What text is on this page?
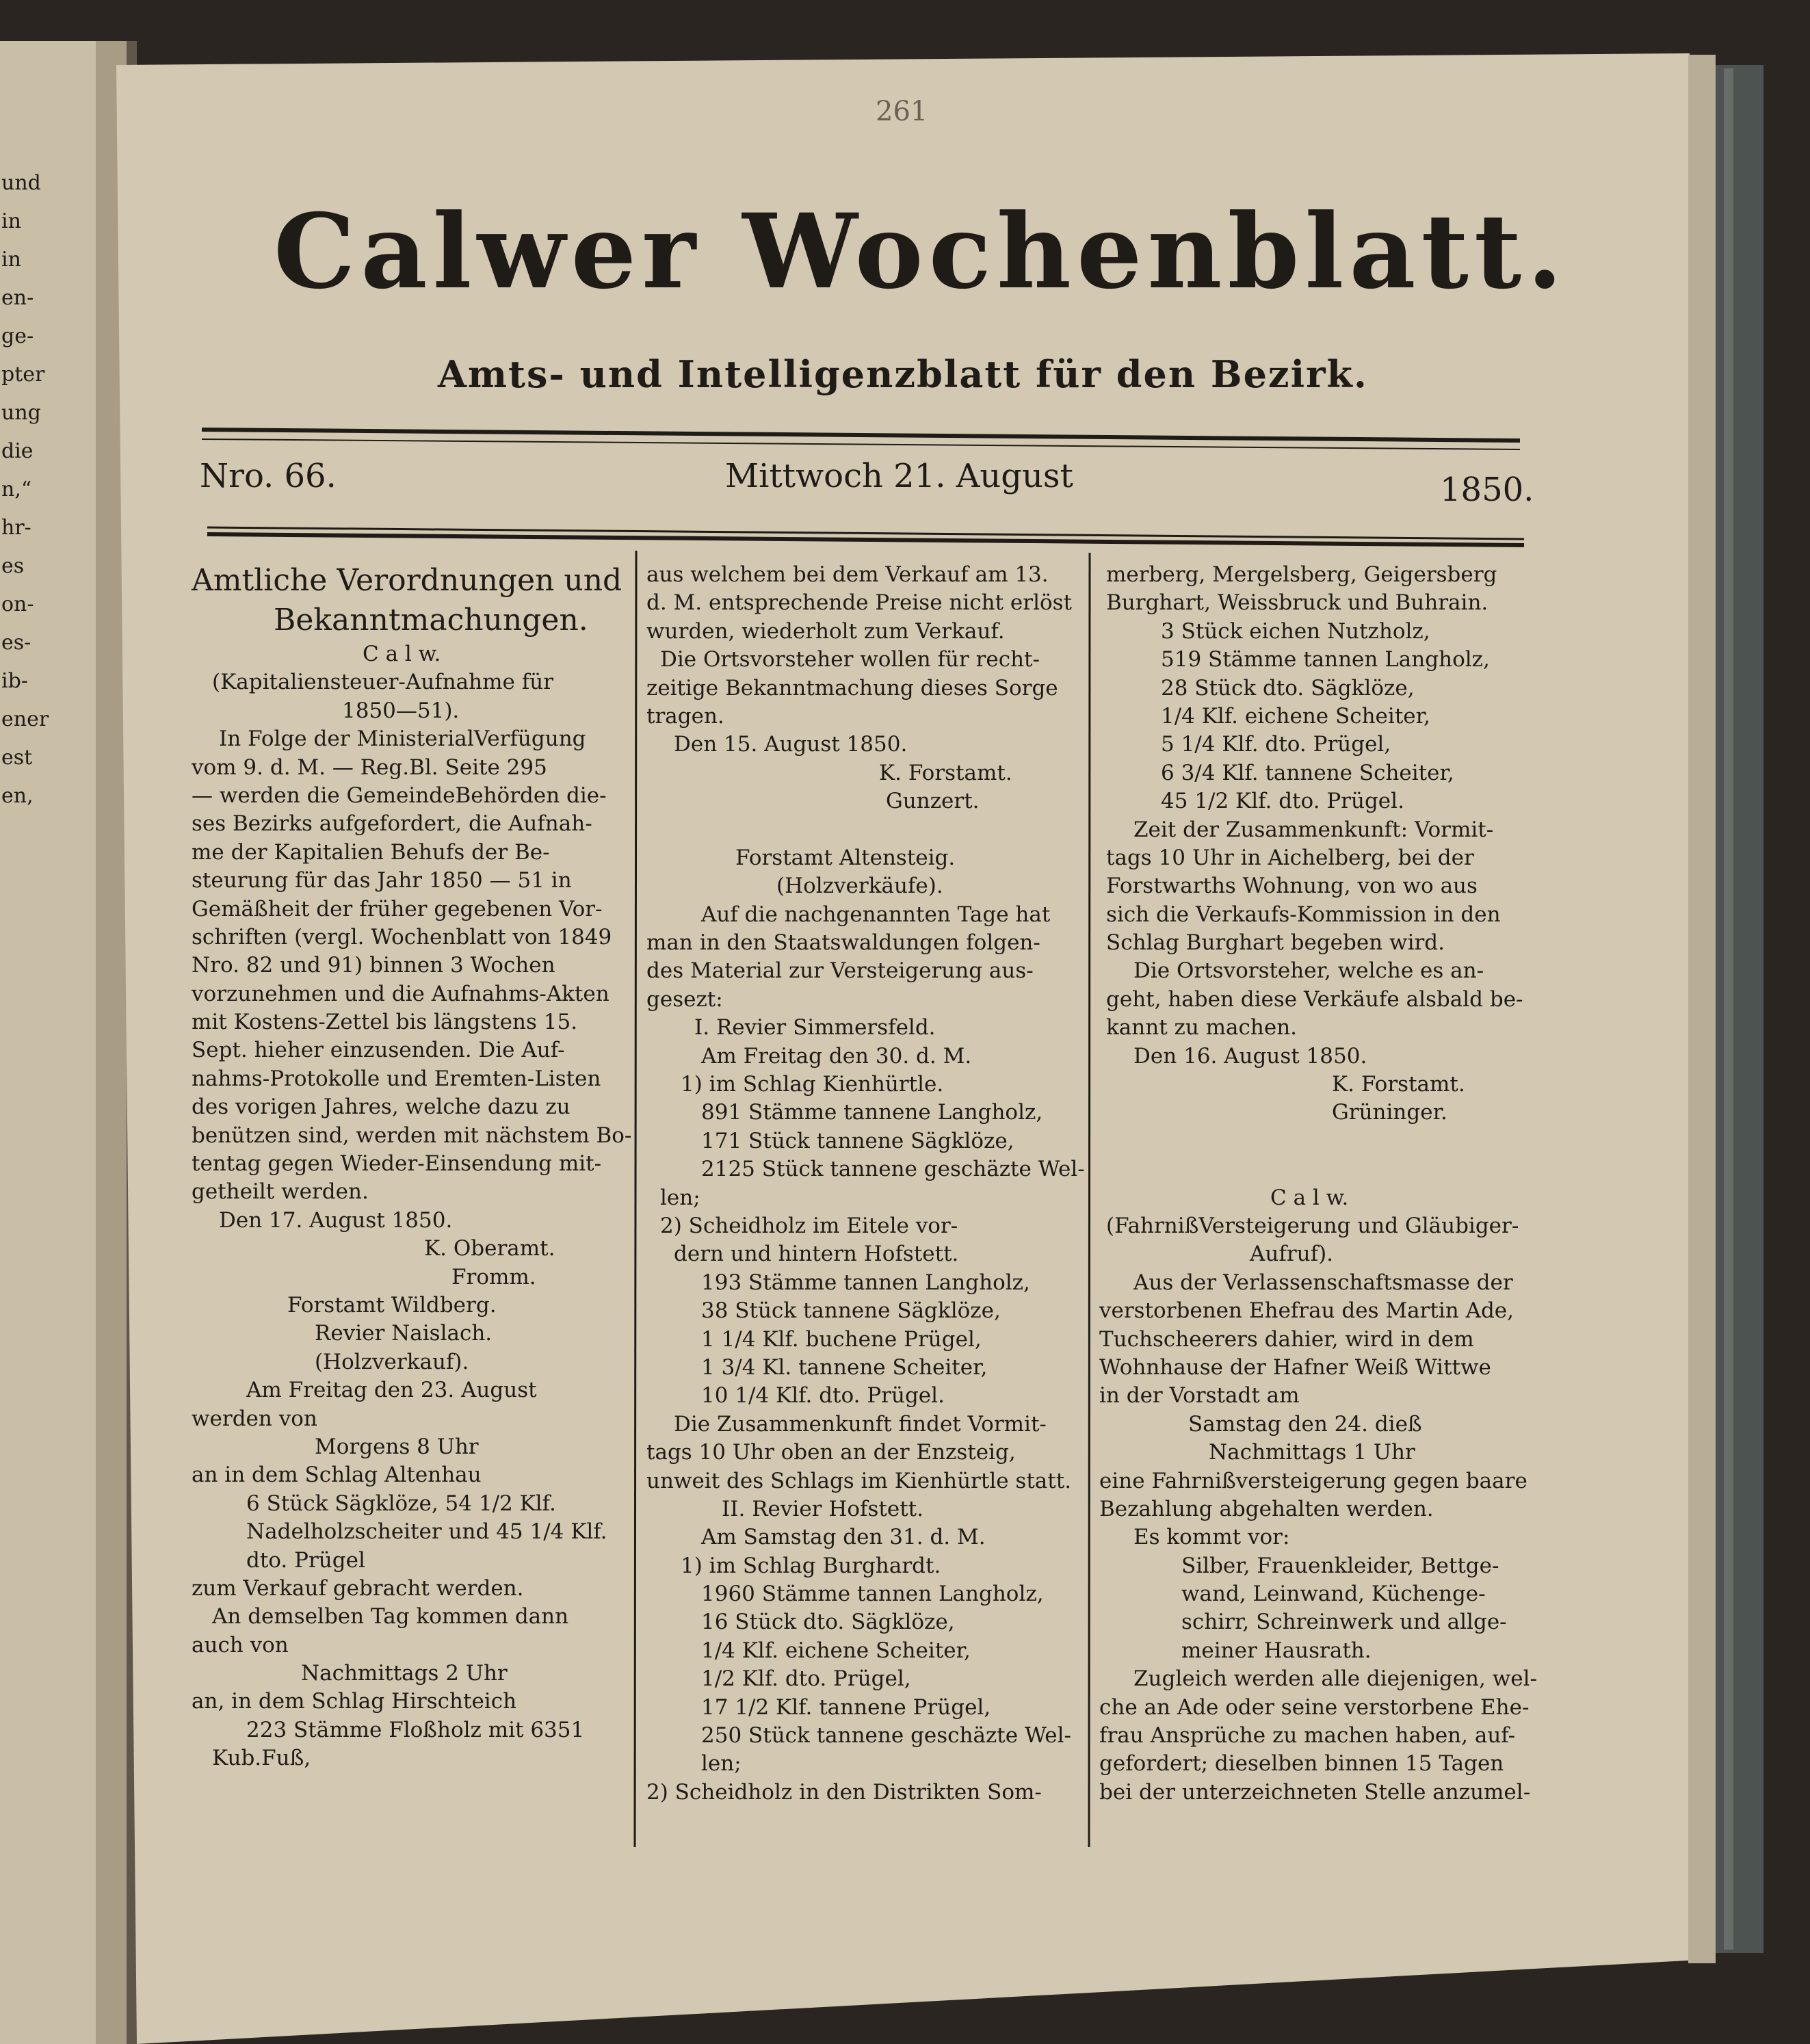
und
in
in
en-
ge-
pter
ung
die
n,“
hr-
es
on-
es-
ib-
ener
est
en,
261
Calwer Wochenblatt.
Amts- und Intelligenzblatt für den Bezirk.
Nro. 66.	Mittwoch 21. August	1850.
Amtliche Verordnungen und
Bekanntmachungen.
C a l w.
(Kapitaliensteuer-Aufnahme für
1850—51).
In Folge der MinisterialVerfügung
vom 9. d. M. — Reg.Bl. Seite 295
— werden die GemeindeBehörden die-
ses Bezirks aufgefordert, die Aufnah-
me der Kapitalien Behufs der Be-
steurung für das Jahr 1850 — 51 in
Gemäßheit der früher gegebenen Vor-
schriften (vergl. Wochenblatt von 1849
Nro. 82 und 91) binnen 3 Wochen
vorzunehmen und die Aufnahms-Akten
mit Kostens-Zettel bis längstens 15.
Sept. hieher einzusenden. Die Auf-
nahms-Protokolle und Eremten-Listen
des vorigen Jahres, welche dazu zu
benützen sind, werden mit nächstem Bo-
tentag gegen Wieder-Einsendung mit-
getheilt werden.
Den 17. August 1850.
K. Oberamt.
Fromm.
Forstamt Wildberg.
Revier Naislach.
(Holzverkauf).
Am Freitag den 23. August
werden von
Morgens 8 Uhr
an in dem Schlag Altenhau
6 Stück Sägklöze, 54 1/2 Klf.
Nadelholzscheiter und 45 1/4 Klf.
dto. Prügel
zum Verkauf gebracht werden.
An demselben Tag kommen dann
auch von
Nachmittags 2 Uhr
an, in dem Schlag Hirschteich
223 Stämme Floßholz mit 6351
Kub.Fuß,
aus welchem bei dem Verkauf am 13.
d. M. entsprechende Preise nicht erlöst
wurden, wiederholt zum Verkauf.
Die Ortsvorsteher wollen für recht-
zeitige Bekanntmachung dieses Sorge
tragen.
Den 15. August 1850.
K. Forstamt.
Gunzert.
Forstamt Altensteig.
(Holzverkäufe).
Auf die nachgenannten Tage hat
man in den Staatswaldungen folgen-
des Material zur Versteigerung aus-
gesezt:
I. Revier Simmersfeld.
Am Freitag den 30. d. M.
1) im Schlag Kienhürtle.
891 Stämme tannene Langholz,
171 Stück tannene Sägklöze,
2125 Stück tannene geschäzte Wel-
len;
2) Scheidholz im Eitele vor-
dern und hintern Hofstett.
193 Stämme tannen Langholz,
38 Stück tannene Sägklöze,
1 1/4 Klf. buchene Prügel,
1 3/4 Kl. tannene Scheiter,
10 1/4 Klf. dto. Prügel.
Die Zusammenkunft findet Vormit-
tags 10 Uhr oben an der Enzsteig,
unweit des Schlags im Kienhürtle statt.
II. Revier Hofstett.
Am Samstag den 31. d. M.
1) im Schlag Burghardt.
1960 Stämme tannen Langholz,
16 Stück dto. Sägklöze,
1/4 Klf. eichene Scheiter,
1/2 Klf. dto. Prügel,
17 1/2 Klf. tannene Prügel,
250 Stück tannene geschäzte Wel-
len;
2) Scheidholz in den Distrikten Som-
merberg, Mergelsberg, Geigersberg
Burghart, Weissbruck und Buhrain.
3 Stück eichen Nutzholz,
519 Stämme tannen Langholz,
28 Stück dto. Sägklöze,
1/4 Klf. eichene Scheiter,
5 1/4 Klf. dto. Prügel,
6 3/4 Klf. tannene Scheiter,
45 1/2 Klf. dto. Prügel.
Zeit der Zusammenkunft: Vormit-
tags 10 Uhr in Aichelberg, bei der
Forstwarths Wohnung, von wo aus
sich die Verkaufs-Kommission in den
Schlag Burghart begeben wird.
Die Ortsvorsteher, welche es an-
geht, haben diese Verkäufe alsbald be-
kannt zu machen.
Den 16. August 1850.
K. Forstamt.
Grüninger.
C a l w.
(FahrnißVersteigerung und Gläubiger-
Aufruf).
Aus der Verlassenschaftsmasse der
verstorbenen Ehefrau des Martin Ade,
Tuchscheerers dahier, wird in dem
Wohnhause der Hafner Weiß Wittwe
in der Vorstadt am
Samstag den 24. dieß
Nachmittags 1 Uhr
eine Fahrnißversteigerung gegen baare
Bezahlung abgehalten werden.
Es kommt vor:
Silber, Frauenkleider, Bettge-
wand, Leinwand, Küchenge-
schirr, Schreinwerk und allge-
meiner Hausrath.
Zugleich werden alle diejenigen, wel-
che an Ade oder seine verstorbene Ehe-
frau Ansprüche zu machen haben, auf-
gefordert; dieselben binnen 15 Tagen
bei der unterzeichneten Stelle anzumel-
